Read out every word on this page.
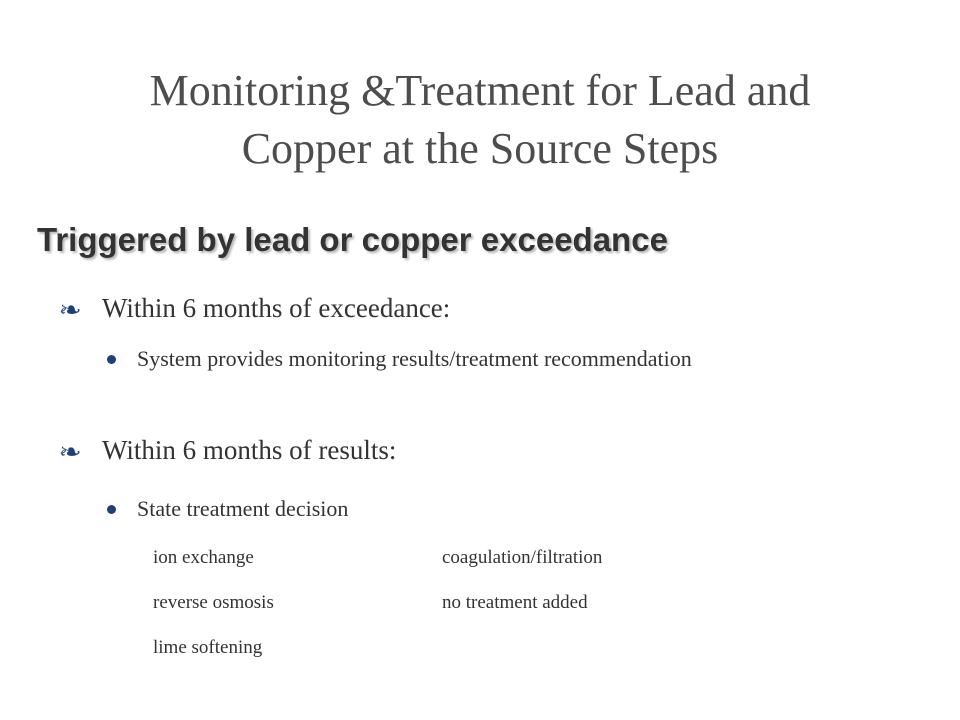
Monitoring &Treatment for Lead and
Copper at the Source Steps
Triggered by lead or copper exceedance
❧ Within 6 months of exceedance:
System provides monitoring results/treatment recommendation
❧ Within 6 months of results:
State treatment decision
ion exchange	coagulation/filtration
reverse osmosis	no treatment added
lime softening
